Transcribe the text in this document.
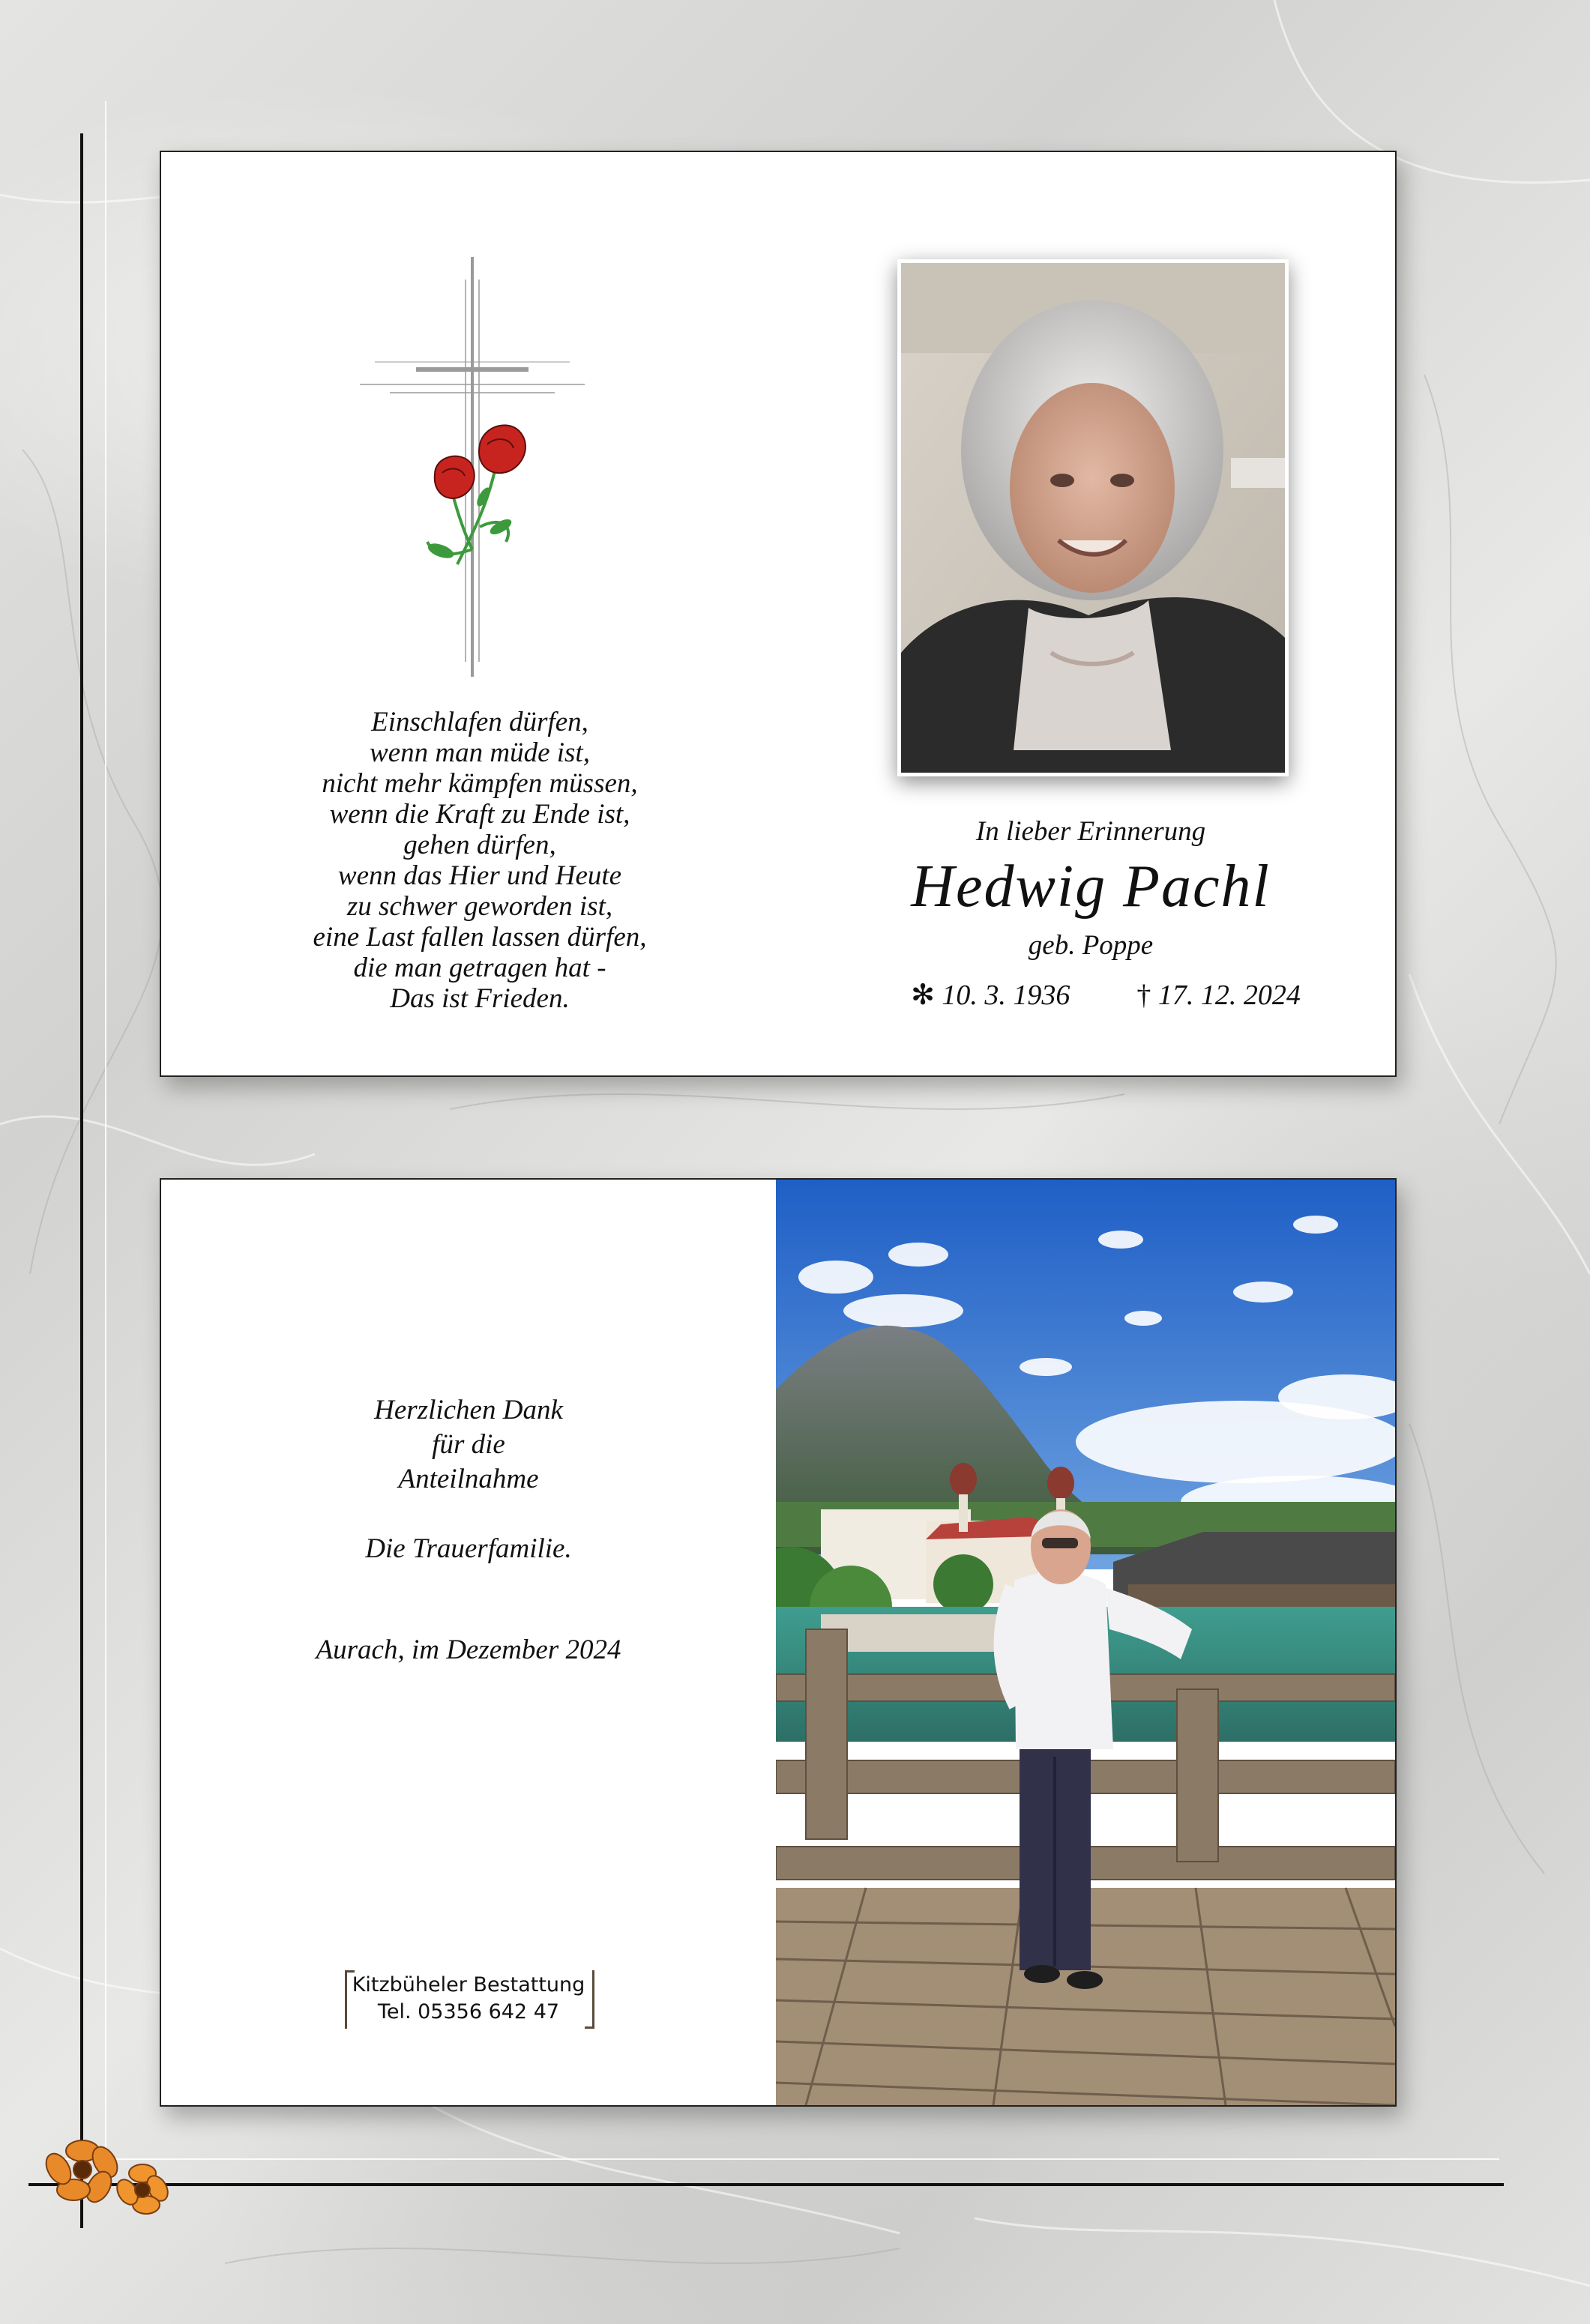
Einschlafen dürfen,
wenn man müde ist,
nicht mehr kämpfen müssen,
wenn die Kraft zu Ende ist,
gehen dürfen,
wenn das Hier und Heute
zu schwer geworden ist,
eine Last fallen lassen dürfen,
die man getragen hat -
Das ist Frieden.
In lieber Erinnerung
Hedwig Pachl
geb. Poppe
✻ 10. 3. 1936 † 17. 12. 2024
Herzlichen Dank
für die
Anteilnahme
Die Trauerfamilie.
Aurach, im Dezember 2024
Kitzbüheler Bestattung
Tel. 05356 642 47
